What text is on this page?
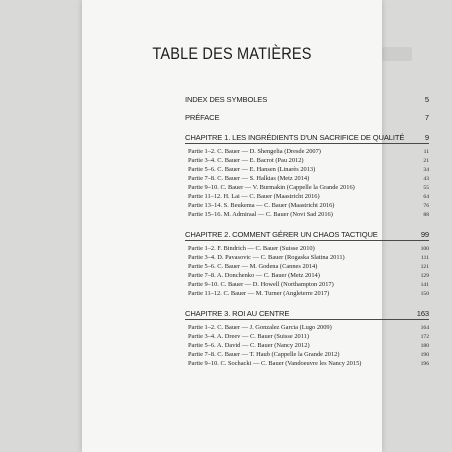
TABLE DES MATIÈRES
INDEX DES SYMBOLES	5
PRÉFACE	7
CHAPITRE 1. LES INGRÉDIENTS D'UN SACRIFICE DE QUALITÉ	9
Partie 1–2. C. Bauer — D. Shengelia (Dresde 2007)	11
Partie 3–4. C. Bauer — E. Bacrot (Pau 2012)	21
Partie 5–6. C. Bauer — E. Hansen (Linarès 2013)	34
Partie 7–8. C. Bauer — S. Halkias (Metz 2014)	43
Partie 9–10. C. Bauer — V. Burmakin (Cappelle la Grande 2016)	55
Partie 11–12. H. Lai — C. Bauer (Maastricht 2016)	64
Partie 13–14. S. Beukema — C. Bauer (Maastricht 2016)	76
Partie 15–16. M. Admiraal — C. Bauer (Novi Sad 2016)	88
CHAPITRE 2. COMMENT GÉRER UN CHAOS TACTIQUE	99
Partie 1–2. F. Bindrich — C. Bauer (Suisse 2010)	100
Partie 3–4. D. Pavasovic — C. Bauer (Rogaska Slatina 2011)	111
Partie 5–6. C. Bauer — M. Godena (Cannes 2014)	121
Partie 7–8. A. Donchenko — C. Bauer (Metz 2014)	129
Partie 9–10. C. Bauer — D. Howell (Northampton 2017)	141
Partie 11–12. C. Bauer — M. Turner (Angleterre 2017)	150
CHAPITRE 3. ROI AU CENTRE	163
Partie 1–2. C. Bauer — J. Gonzalez Garcia (Lugo 2009)	164
Partie 3–4. A. Dreev — C. Bauer (Suisse 2011)	172
Partie 5–6. A. David — C. Bauer (Nancy 2012)	180
Partie 7–8. C. Bauer — T. Haub (Cappelle la Grande 2012)	190
Partie 9–10. C. Sochacki — C. Bauer (Vandoeuvre les Nancy 2015)	196
